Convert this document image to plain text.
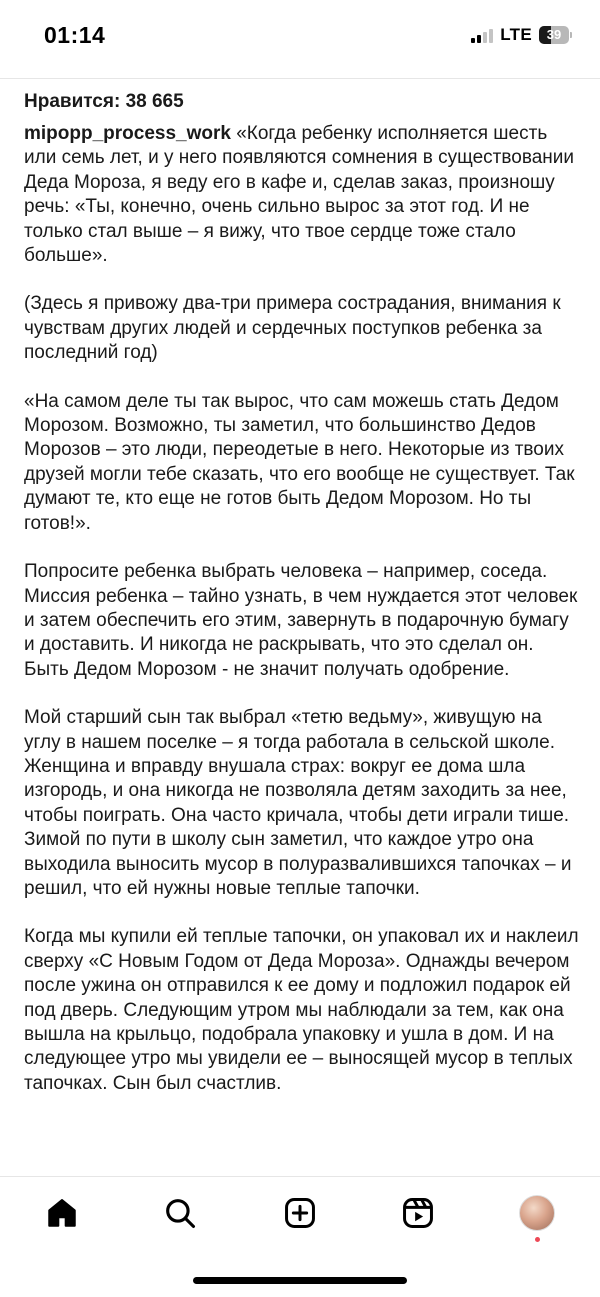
01:14	LTE	39
Нравится: 38 665

mipopp_process_work «Когда ребенку исполняется шесть или семь лет, и у него появляются сомнения в существовании Деда Мороза, я веду его в кафе и, сделав заказ, произношу речь: «Ты, конечно, очень сильно вырос за этот год. И не только стал выше – я вижу, что твое сердце тоже стало больше».

(Здесь я привожу два-три примера сострадания, внимания к чувствам других людей и сердечных поступков ребенка за последний год)

«На самом деле ты так вырос, что сам можешь стать Дедом Морозом. Возможно, ты заметил, что большинство Дедов Морозов – это люди, переодетые в него. Некоторые из твоих друзей могли тебе сказать, что его вообще не существует. Так думают те, кто еще не готов быть Дедом Морозом. Но ты готов!».

Попросите ребенка выбрать человека – например, соседа. Миссия ребенка – тайно узнать, в чем нуждается этот человек и затем обеспечить его этим, завернуть в подарочную бумагу и доставить. И никогда не раскрывать, что это сделал он. Быть Дедом Морозом - не значит получать одобрение.

Мой старший сын так выбрал «тетю ведьму», живущую на углу в нашем поселке – я тогда работала в сельской школе. Женщина и вправду внушала страх: вокруг ее дома шла изгородь, и она никогда не позволяла детям заходить за нее, чтобы поиграть. Она часто кричала, чтобы дети играли тише. Зимой по пути в школу сын заметил, что каждое утро она выходила выносить мусор в полуразвалившихся тапочках – и решил, что ей нужны новые теплые тапочки.

Когда мы купили ей теплые тапочки, он упаковал их и наклеил сверху «С Новым Годом от Деда Мороза». Однажды вечером после ужина он отправился к ее дому и подложил подарок ей под дверь. Следующим утром мы наблюдали за тем, как она вышла на крыльцо, подобрала упаковку и ушла в дом. И на следующее утро мы увидели ее – выносящей мусор в теплых тапочках. Сын был счастлив.
